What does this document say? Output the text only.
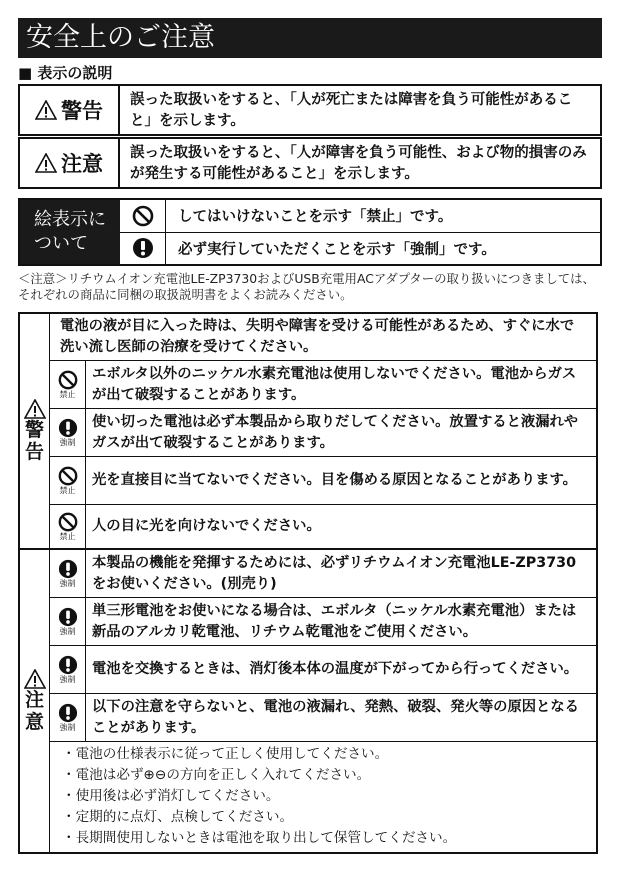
安全上のご注意
■ 表示の説明
警告	誤った取扱いをすると､「人が死亡または障害を負う可能性があること」を示します。
注意	誤った取扱いをすると、「人が障害を負う可能性、および物的損害のみが発生する可能性があること」を示します。
絵表示に
ついて
してはいけないことを示す「禁止」です。
必ず実行していただくことを示す「強制」です。
＜注意＞リチウムイオン充電池LE-ZP3730およびUSB充電用ACアダプターの取り扱いにつきましては、それぞれの商品に同梱の取扱説明書をよくお読みください。
警
告
電池の液が目に入った時は、失明や障害を受ける可能性があるため、すぐに水で洗い流し医師の治療を受けてください。
禁止
エボルタ以外のニッケル水素充電池は使用しないでください。電池からガスが出て破裂することがあります。
強制
使い切った電池は必ず本製品から取りだしてください。放置すると液漏れやガスが出て破裂することがあります。
禁止
光を直接目に当てないでください。目を傷める原因となることがあります。
禁止
人の目に光を向けないでください。
注
意
強制
本製品の機能を発揮するためには、必ずリチウムイオン充電池LE-ZP3730をお使いください。(別売り)
強制
単三形電池をお使いになる場合は、エボルタ（ニッケル水素充電池）または新品のアルカリ乾電池、リチウム乾電池をご使用ください。
強制
電池を交換するときは、消灯後本体の温度が下がってから行ってください。
強制
以下の注意を守らないと、電池の液漏れ、発熱、破裂、発火等の原因となることがあります。
・電池の仕様表示に従って正しく使用してください。
・電池は必ず⊕⊖の方向を正しく入れてください。
・使用後は必ず消灯してください。
・定期的に点灯、点検してください。
・長期間使用しないときは電池を取り出して保管してください。
